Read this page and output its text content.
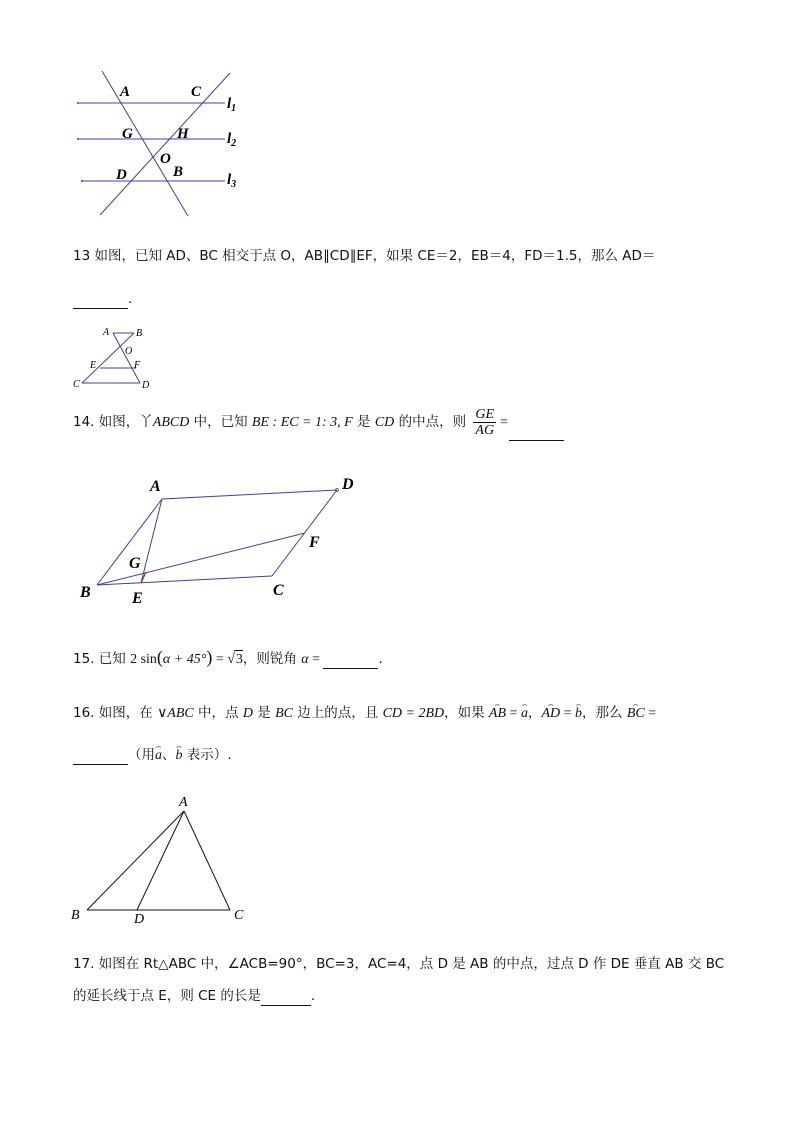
A	C
G	H
O
D	B
$l_1$
$l_2$
$l_3$
13 如图，已知 AD、BC 相交于点 O，AB∥CD∥EF，如果 CE＝2，EB＝4，FD＝1.5，那么 AD＝
.
A	B
O
E	F
C	D
14. 如图，丫ABCD 中，已知 BE : EC = 1: 3, F 是 CD 的中点，则 $\frac{GE}{AG}$ =
A	D
F
G
B	E	C
15. 已知 2 sin(α + 45°) = √3，则锐角 α =	.
16. 如图，在 ∨ABC 中，点 D 是 BC 边上的点，且 CD = 2BD，如果 ⌢ AB = ⌢ a，⌢ AD = ⌢ b，那么 ⌢ BC =
（用⌢ a、⌢ b 表示）.
A
B	D	C
17. 如图在 Rt△ABC 中，∠ACB=90°，BC=3，AC=4，点 D 是 AB 的中点，过点 D 作 DE 垂直 AB 交 BC
的延长线于点 E，则 CE 的长是	.
